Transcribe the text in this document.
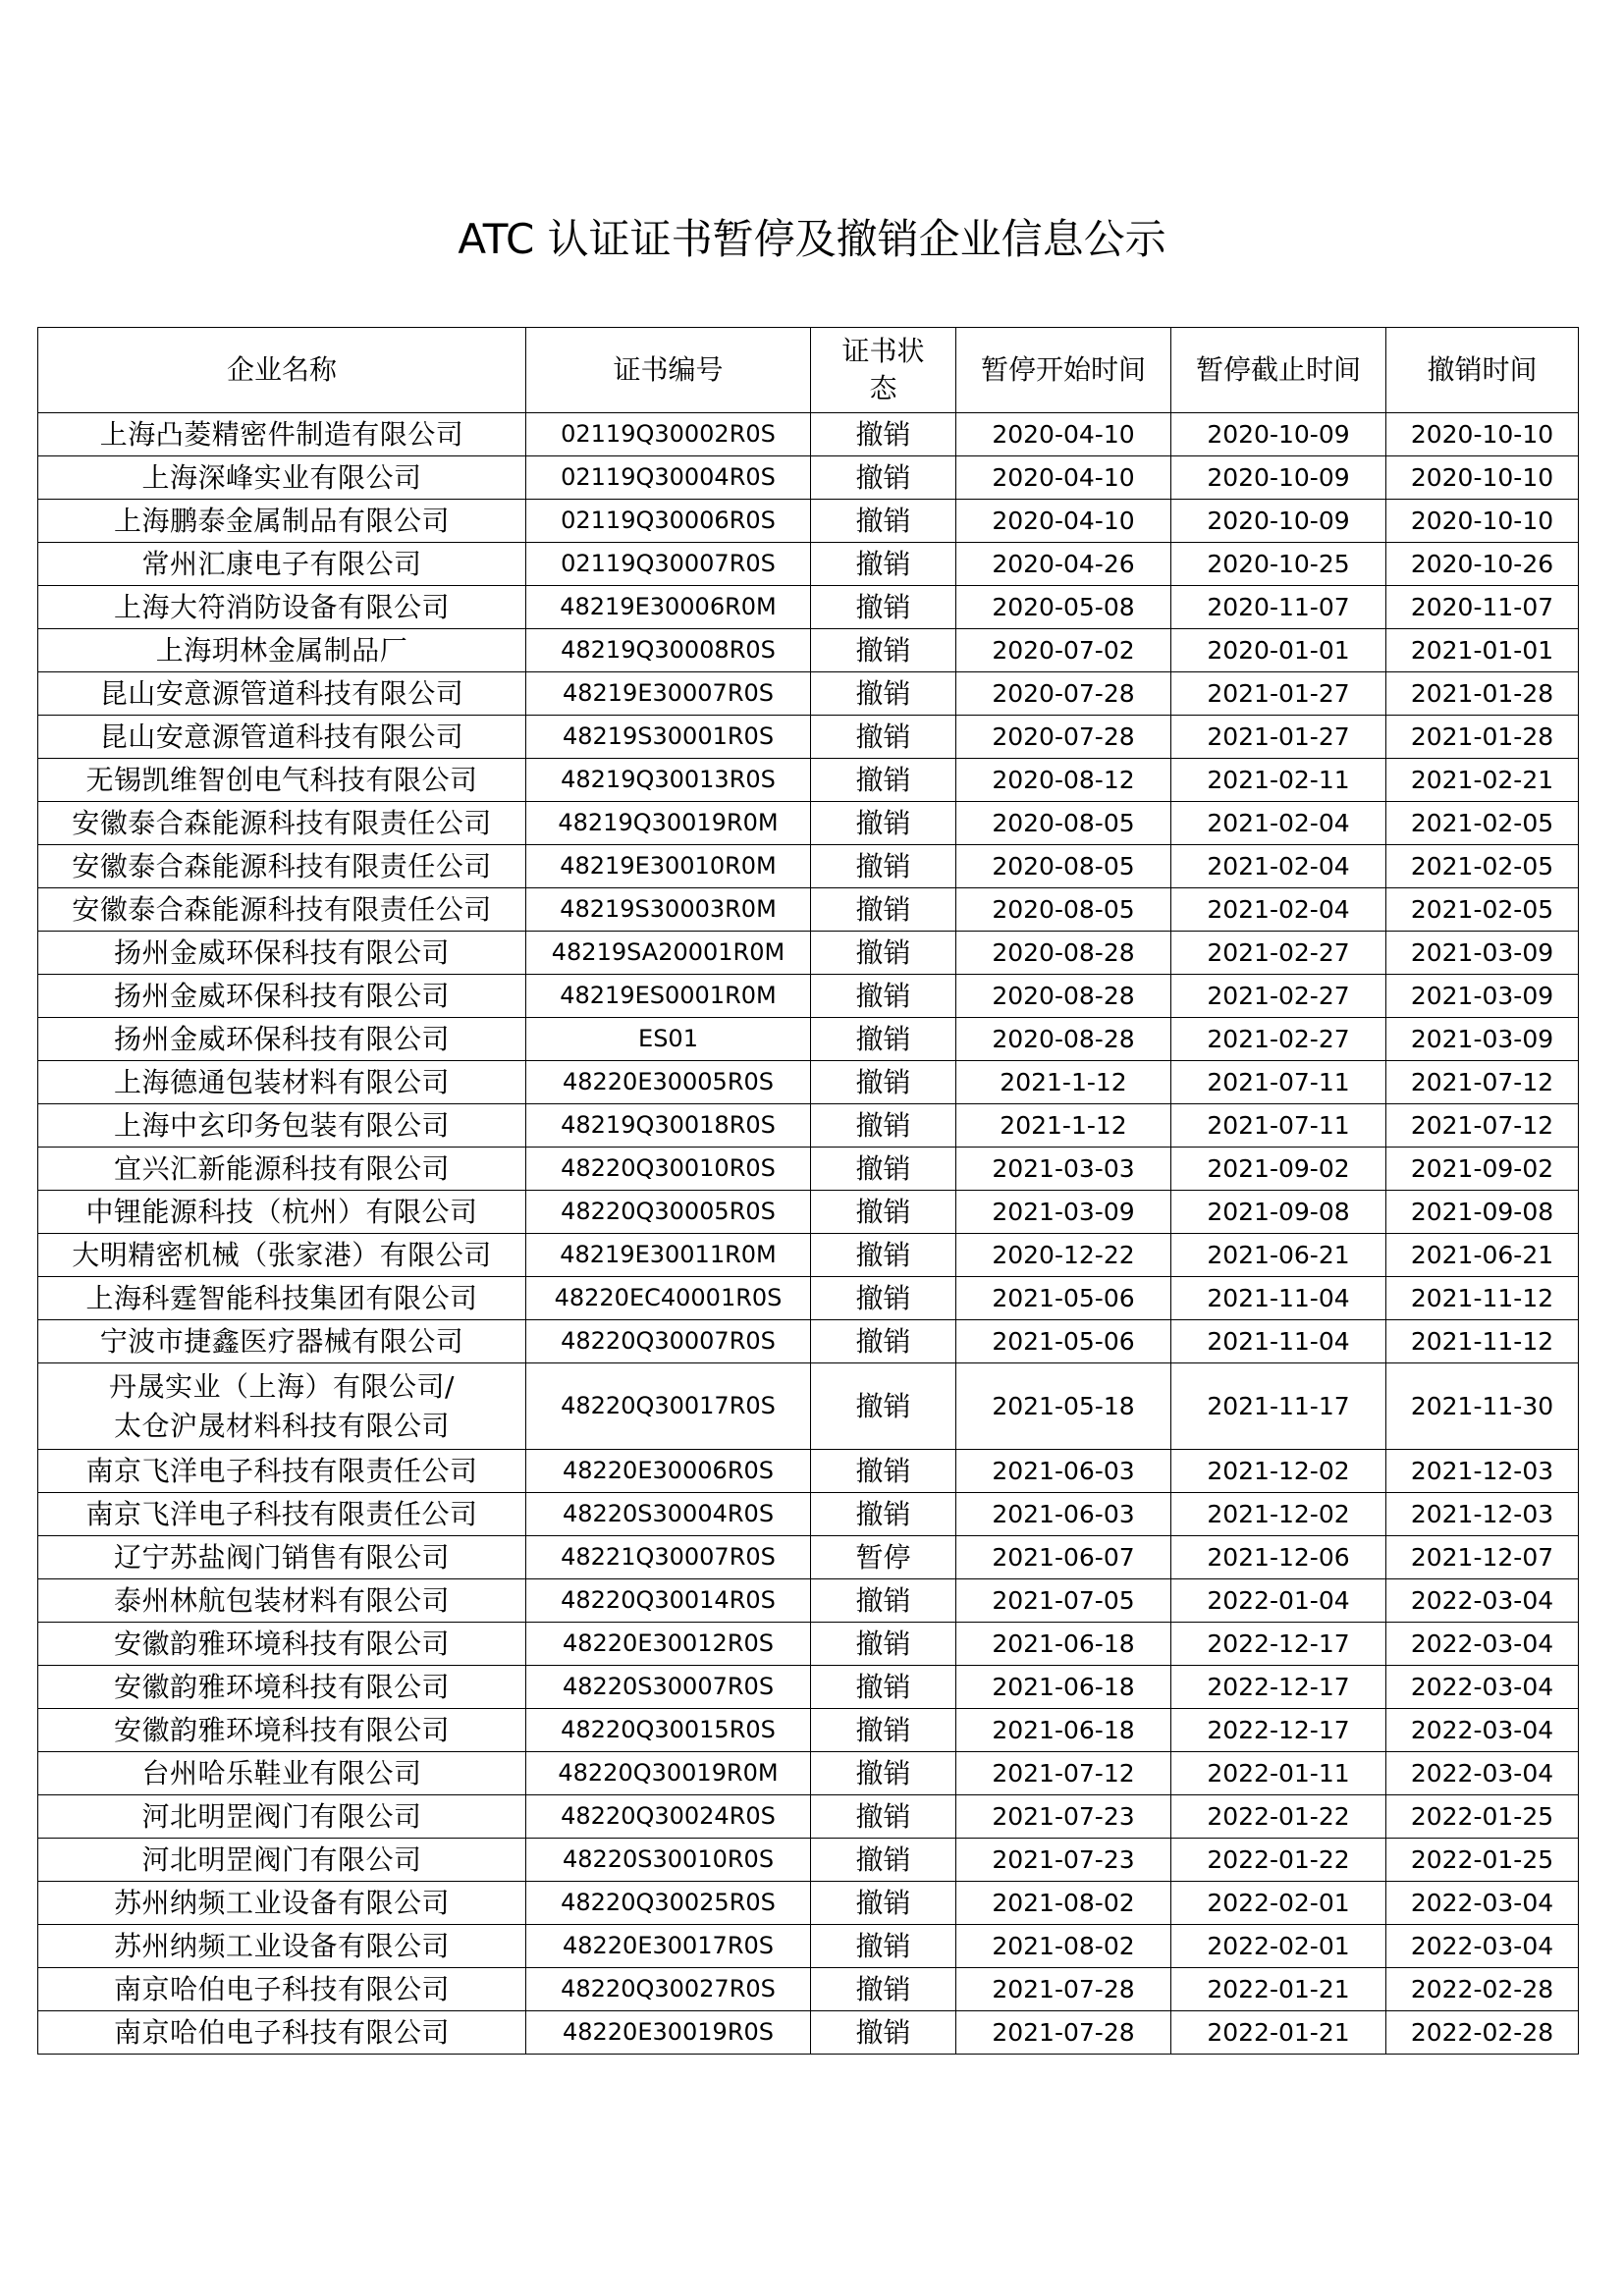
ATC 认证证书暂停及撤销企业信息公示
企业名称	证书编号	证书状态	暂停开始时间	暂停截止时间	撤销时间
上海凸菱精密件制造有限公司	02119Q30002R0S	撤销	2020-04-10	2020-10-09	2020-10-10
上海深峰实业有限公司	02119Q30004R0S	撤销	2020-04-10	2020-10-09	2020-10-10
上海鹏泰金属制品有限公司	02119Q30006R0S	撤销	2020-04-10	2020-10-09	2020-10-10
常州汇康电子有限公司	02119Q30007R0S	撤销	2020-04-26	2020-10-25	2020-10-26
上海大符消防设备有限公司	48219E30006R0M	撤销	2020-05-08	2020-11-07	2020-11-07
上海玥林金属制品厂	48219Q30008R0S	撤销	2020-07-02	2020-01-01	2021-01-01
昆山安意源管道科技有限公司	48219E30007R0S	撤销	2020-07-28	2021-01-27	2021-01-28
昆山安意源管道科技有限公司	48219S30001R0S	撤销	2020-07-28	2021-01-27	2021-01-28
无锡凯维智创电气科技有限公司	48219Q30013R0S	撤销	2020-08-12	2021-02-11	2021-02-21
安徽泰合森能源科技有限责任公司	48219Q30019R0M	撤销	2020-08-05	2021-02-04	2021-02-05
安徽泰合森能源科技有限责任公司	48219E30010R0M	撤销	2020-08-05	2021-02-04	2021-02-05
安徽泰合森能源科技有限责任公司	48219S30003R0M	撤销	2020-08-05	2021-02-04	2021-02-05
扬州金威环保科技有限公司	48219SA20001R0M	撤销	2020-08-28	2021-02-27	2021-03-09
扬州金威环保科技有限公司	48219ES0001R0M	撤销	2020-08-28	2021-02-27	2021-03-09
扬州金威环保科技有限公司	ES01	撤销	2020-08-28	2021-02-27	2021-03-09
上海德通包装材料有限公司	48220E30005R0S	撤销	2021-1-12	2021-07-11	2021-07-12
上海中玄印务包装有限公司	48219Q30018R0S	撤销	2021-1-12	2021-07-11	2021-07-12
宜兴汇新能源科技有限公司	48220Q30010R0S	撤销	2021-03-03	2021-09-02	2021-09-02
中锂能源科技（杭州）有限公司	48220Q30005R0S	撤销	2021-03-09	2021-09-08	2021-09-08
大明精密机械（张家港）有限公司	48219E30011R0M	撤销	2020-12-22	2021-06-21	2021-06-21
上海科霆智能科技集团有限公司	48220EC40001R0S	撤销	2021-05-06	2021-11-04	2021-11-12
宁波市捷鑫医疗器械有限公司	48220Q30007R0S	撤销	2021-05-06	2021-11-04	2021-11-12

丹晟实业（上海）有限公司/
太仓沪晟材料科技有限公司	48220Q30017R0S	撤销	2021-05-18	2021-11-17	2021-11-30
南京飞洋电子科技有限责任公司	48220E30006R0S	撤销	2021-06-03	2021-12-02	2021-12-03
南京飞洋电子科技有限责任公司	48220S30004R0S	撤销	2021-06-03	2021-12-02	2021-12-03
辽宁苏盐阀门销售有限公司	48221Q30007R0S	暂停	2021-06-07	2021-12-06	2021-12-07
泰州林航包装材料有限公司	48220Q30014R0S	撤销	2021-07-05	2022-01-04	2022-03-04
安徽韵雅环境科技有限公司	48220E30012R0S	撤销	2021-06-18	2022-12-17	2022-03-04
安徽韵雅环境科技有限公司	48220S30007R0S	撤销	2021-06-18	2022-12-17	2022-03-04
安徽韵雅环境科技有限公司	48220Q30015R0S	撤销	2021-06-18	2022-12-17	2022-03-04
台州哈乐鞋业有限公司	48220Q30019R0M	撤销	2021-07-12	2022-01-11	2022-03-04
河北明罡阀门有限公司	48220Q30024R0S	撤销	2021-07-23	2022-01-22	2022-01-25
河北明罡阀门有限公司	48220S30010R0S	撤销	2021-07-23	2022-01-22	2022-01-25
苏州纳频工业设备有限公司	48220Q30025R0S	撤销	2021-08-02	2022-02-01	2022-03-04
苏州纳频工业设备有限公司	48220E30017R0S	撤销	2021-08-02	2022-02-01	2022-03-04
南京哈伯电子科技有限公司	48220Q30027R0S	撤销	2021-07-28	2022-01-21	2022-02-28
南京哈伯电子科技有限公司	48220E30019R0S	撤销	2021-07-28	2022-01-21	2022-02-28
